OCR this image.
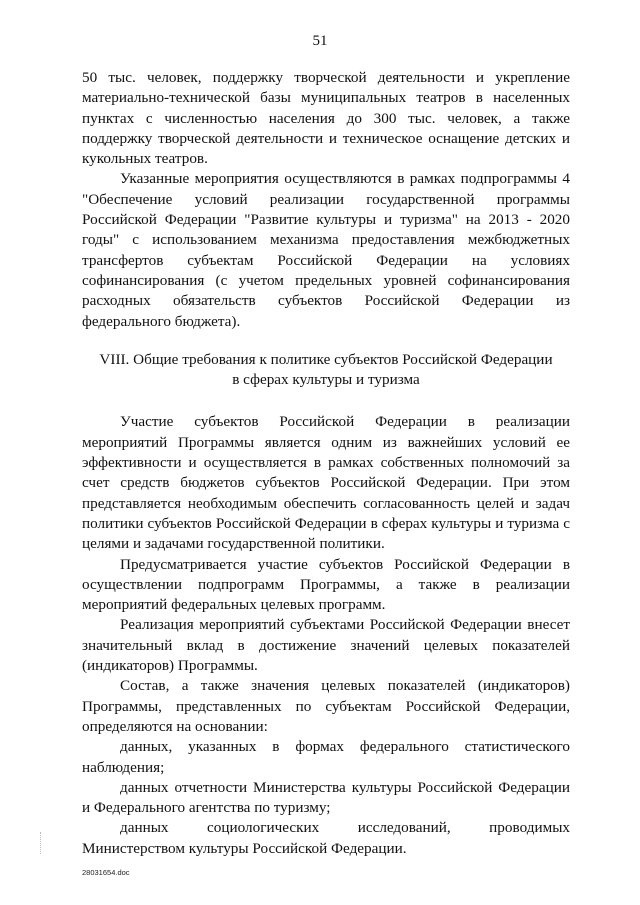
51

50 тыс. человек, поддержку творческой деятельности и укрепление материально-технической базы муниципальных театров в населенных пунктах с численностью населения до 300 тыс. человек, а также поддержку творческой деятельности и техническое оснащение детских и кукольных театров.

Указанные мероприятия осуществляются в рамках подпрограммы 4 "Обеспечение условий реализации государственной программы Российской Федерации "Развитие культуры и туризма" на 2013 - 2020 годы" с использованием механизма предоставления межбюджетных трансфертов субъектам Российской Федерации на условиях софинансирования (с учетом предельных уровней софинансирования расходных обязательств субъектов Российской Федерации из федерального бюджета).

VIII. Общие требования к политике субъектов Российской Федерации
в сферах культуры и туризма

Участие субъектов Российской Федерации в реализации мероприятий Программы является одним из важнейших условий ее эффективности и осуществляется в рамках собственных полномочий за счет средств бюджетов субъектов Российской Федерации. При этом представляется необходимым обеспечить согласованность целей и задач политики субъектов Российской Федерации в сферах культуры и туризма с целями и задачами государственной политики.

Предусматривается участие субъектов Российской Федерации в осуществлении подпрограмм Программы, а также в реализации мероприятий федеральных целевых программ.

Реализация мероприятий субъектами Российской Федерации внесет значительный вклад в достижение значений целевых показателей (индикаторов) Программы.

Состав, а также значения целевых показателей (индикаторов) Программы, представленных по субъектам Российской Федерации, определяются на основании:

данных, указанных в формах федерального статистического наблюдения;

данных отчетности Министерства культуры Российской Федерации и Федерального агентства по туризму;

данных социологических исследований, проводимых Министерством культуры Российской Федерации.

28031654.doc
